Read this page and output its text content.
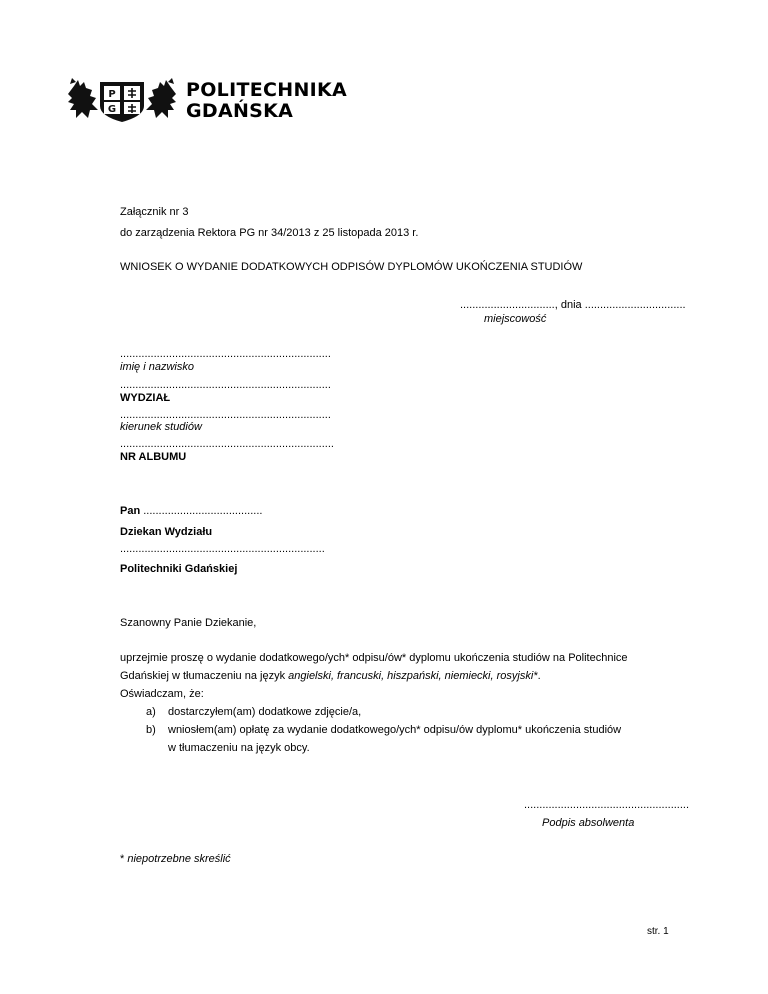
P
G
POLITECHNIKA
GDAŃSKA
Załącznik nr 3
do zarządzenia Rektora PG nr 34/2013 z 25 listopada 2013 r.
WNIOSEK O WYDANIE DODATKOWYCH ODPISÓW DYPLOMÓW UKOŃCZENIA STUDIÓW
..............................., dnia .................................
miejscowość
.....................................................................
imię i nazwisko
.....................................................................
WYDZIAŁ
.....................................................................
kierunek studiów
......................................................................
NR ALBUMU
Pan .......................................
Dziekan Wydziału
...................................................................
Politechniki Gdańskiej
Szanowny Panie Dziekanie,
uprzejmie proszę o wydanie dodatkowego/ych* odpisu/ów* dyplomu ukończenia studiów na Politechnice
Gdańskiej w tłumaczeniu na język angielski, francuski, hiszpański, niemiecki, rosyjski*.
Oświadczam, że:
a) dostarczyłem(am) dodatkowe zdjęcie/a,
b) wniosłem(am) opłatę za wydanie dodatkowego/ych* odpisu/ów dyplomu* ukończenia studiów
w tłumaczeniu na język obcy.
......................................................
Podpis absolwenta
* niepotrzebne skreślić
str. 1
